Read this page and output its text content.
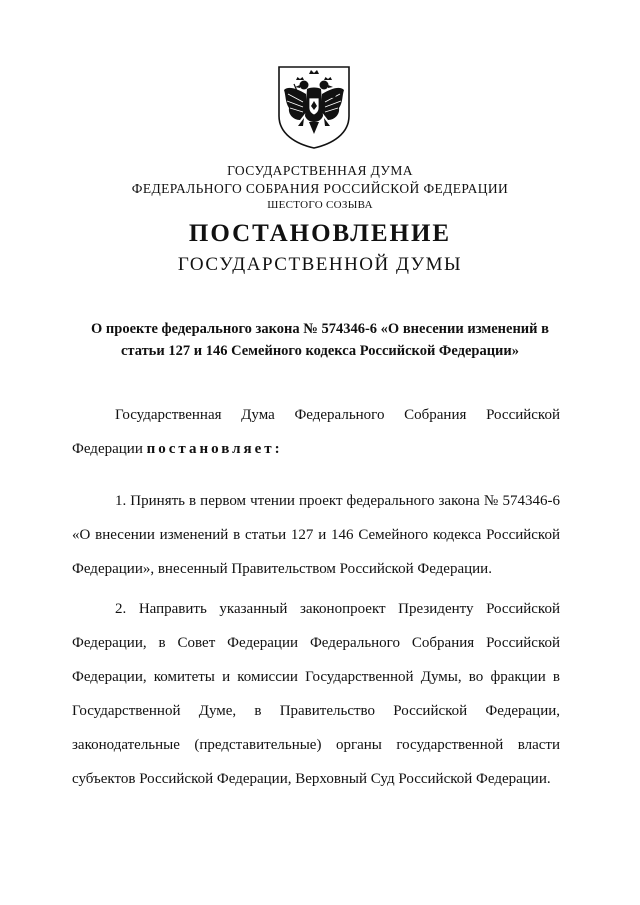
ГОСУДАРСТВЕННАЯ ДУМА
ФЕДЕРАЛЬНОГО СОБРАНИЯ РОССИЙСКОЙ ФЕДЕРАЦИИ
ШЕСТОГО СОЗЫВА
ПОСТАНОВЛЕНИЕ
ГОСУДАРСТВЕННОЙ ДУМЫ
О проекте федерального закона № 574346-6 «О внесении изменений в
статьи 127 и 146 Семейного кодекса Российской Федерации»
Государственная Дума Федерального Собрания Российской Федерации постановляет:
1. Принять в первом чтении проект федерального закона № 574346-6 «О внесении изменений в статьи 127 и 146 Семейного кодекса Российской Федерации», внесенный Правительством Российской Федерации.
2. Направить указанный законопроект Президенту Российской Федерации, в Совет Федерации Федерального Собрания Российской Федерации, комитеты и комиссии Государственной Думы, во фракции в Государственной Думе, в Правительство Российской Федерации, законодательные (представительные) органы государственной власти субъектов Российской Федерации, Верховный Суд Российской Федерации.
